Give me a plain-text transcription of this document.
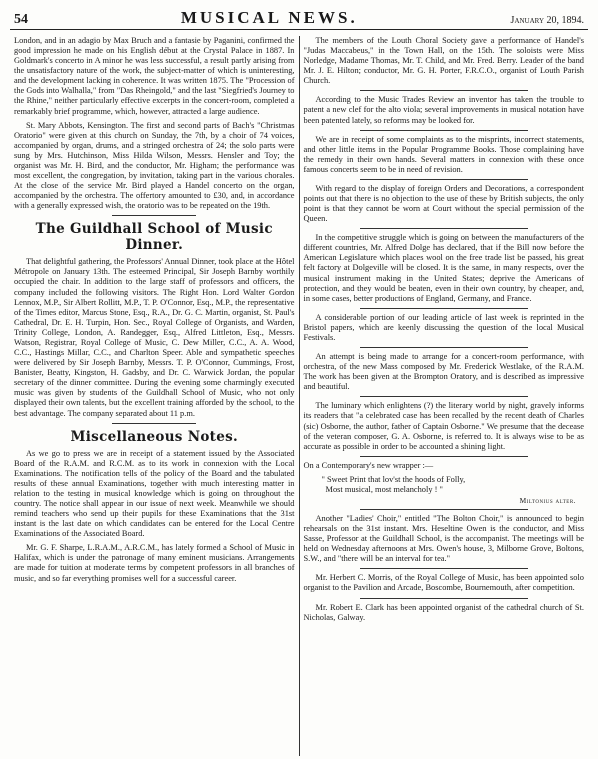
54	MUSICAL NEWS.	January 20, 1894.

London, and in an adagio by Max Bruch and a fantasie by Paganini, confirmed the good impression he made on his English début at the Crystal Palace in 1887. In Goldmark's concerto in A minor he was less successful, a result partly arising from the unsatisfactory nature of the work, the subject-matter of which is uninteresting, and the development lacking in coherence. It was written 1875. The "Procession of the Gods into Walhalla," from "Das Rheingold," and the last "Siegfried's Journey to the Rhine," neither particularly effective excerpts in the concert-room, completed a remarkably brief programme, which, however, attracted a large audience.

St. Mary Abbots, Kensington. The first and second parts of Bach's "Christmas Oratorio" were given at this church on Sunday, the 7th, by a choir of 74 voices, accompanied by organ, drums, and a stringed orchestra of 24; the solo parts were sung by Mrs. Hutchinson, Miss Hilda Wilson, Messrs. Hensler and Toy; the organist was Mr. H. Bird, and the conductor, Mr. Higham; the performance was most excellent, the congregation, by invitation, taking part in the various chorales. At the close of the service Mr. Bird played a Handel concerto on the organ, accompanied by the orchestra. The offertory amounted to £30, and, in accordance with a generally expressed wish, the oratorio was to be repeated on the 19th.

The Guildhall School of Music Dinner.

That delightful gathering, the Professors' Annual Dinner, took place at the Hôtel Métropole on January 13th. The esteemed Principal, Sir Joseph Barnby worthily occupied the chair. In addition to the large staff of professors and officers, the company included the following visitors. The Right Hon. Lord Walter Gordon Lennox, M.P., Sir Albert Rollitt, M.P., T. P. O'Connor, Esq., M.P., the representative of the Times editor, Marcus Stone, Esq., R.A., Dr. G. C. Martin, organist, St. Paul's Cathedral, Dr. E. H. Turpin, Hon. Sec., Royal College of Organists, and Warden, Trinity College, London, A. Randegger, Esq., Alfred Littleton, Esq., Messrs. Watson, Registrar, Royal College of Music, C. Dew Miller, C.C., A. A. Wood, C.C., Hastings Millar, C.C., and Charlton Speer. Able and sympathetic speeches were delivered by Sir Joseph Barnby, Messrs. T. P. O'Connor, Cummings, Frost, Banister, Beatty, Kingston, H. Gadsby, and Dr. C. Warwick Jordan, the popular secretary of the dinner committee. During the evening some charmingly executed music was given by students of the Guildhall School of Music, who not only displayed their own talents, but the excellent training afforded by the school, to the best advantage. The company separated about 11 p.m.

Miscellaneous Notes.

As we go to press we are in receipt of a statement issued by the Associated Board of the R.A.M. and R.C.M. as to its work in connexion with the Local Examinations. The notification tells of the policy of the Board and the tabulated results of these annual Examinations, together with much interesting matter in relation to the testing in musical knowledge which is going on throughout the country. The notice shall appear in our issue of next week. Meanwhile we should remind teachers who send up their pupils for these Examinations that the 31st instant is the last date on which candidates can be entered for the Local Centre Examinations of the Associated Board.

Mr. G. F. Sharpe, L.R.A.M., A.R.C.M., has lately formed a School of Music in Halifax, which is under the patronage of many eminent musicians. Arrangements are made for tuition at moderate terms by competent professors in all branches of music, and so far everything promises well for a successful career.

The members of the Louth Choral Society gave a performance of Handel's "Judas Maccabeus," in the Town Hall, on the 15th. The soloists were Miss Norledge, Madame Thomas, Mr. T. Child, and Mr. Fred. Berry. Leader of the band Mr. J. E. Hilton; conductor, Mr. G. H. Porter, F.R.C.O., organist of Louth Parish Church.

According to the Music Trades Review an inventor has taken the trouble to patent a new clef for the alto viola; several improvements in musical notation have been patented lately, so reforms may be looked for.

We are in receipt of some complaints as to the misprints, incorrect statements, and other little items in the Popular Programme Books. Those complaining have the remedy in their own hands. Several matters in connexion with these once famous concerts seem to be in need of revision.

With regard to the display of foreign Orders and Decorations, a correspondent points out that there is no objection to the use of these by British subjects, the only point is that they cannot be worn at Court without the special permission of the Queen.

In the competitive struggle which is going on between the manufacturers of the different countries, Mr. Alfred Dolge has declared, that if the Bill now before the American Legislature which places wool on the free trade list be passed, his great felt factory at Dolgeville will be closed. It is the same, in many respects, over the musical instrument making in the United States; deprive the Americans of protection, and they would be beaten, even in their own country, by cheaper, and, in some cases, better productions of England, Germany, and France.

A considerable portion of our leading article of last week is reprinted in the Bristol papers, which are keenly discussing the question of the local Musical Festivals.

An attempt is being made to arrange for a concert-room performance, with orchestra, of the new Mass composed by Mr. Frederick Westlake, of the R.A.M. The work has been given at the Brompton Oratory, and is described as impressive and beautiful.

The luminary which enlightens (?) the literary world by night, gravely informs its readers that "a celebrated case has been recalled by the recent death of Charles (sic) Osborne, the author, father of Captain Osborne." We presume that the decease of the veteran composer, G. A. Osborne, is referred to. It is always wise to be as accurate as possible in order to be accounted a shining light.

On a Contemporary's new wrapper :—

" Sweet Print that lov'st the hoods of Folly,
Most musical, most melancholy ! "
Miltonius alter.

Another "Ladies' Choir," entitled "The Bolton Choir," is announced to begin rehearsals on the 31st instant. Mrs. Heseltine Owen is the conductor, and Miss Sasse, Professor at the Guildhall School, is the accompanist. The meetings will be held on Wednesday afternoons at Mrs. Owen's house, 3, Milborne Grove, Boltons, S.W., and "there will be an interval for tea."

Mr. Herbert C. Morris, of the Royal College of Music, has been appointed solo organist to the Pavilion and Arcade, Boscombe, Bournemouth, after competition.

Mr. Robert E. Clark has been appointed organist of the cathedral church of St. Nicholas, Galway.
